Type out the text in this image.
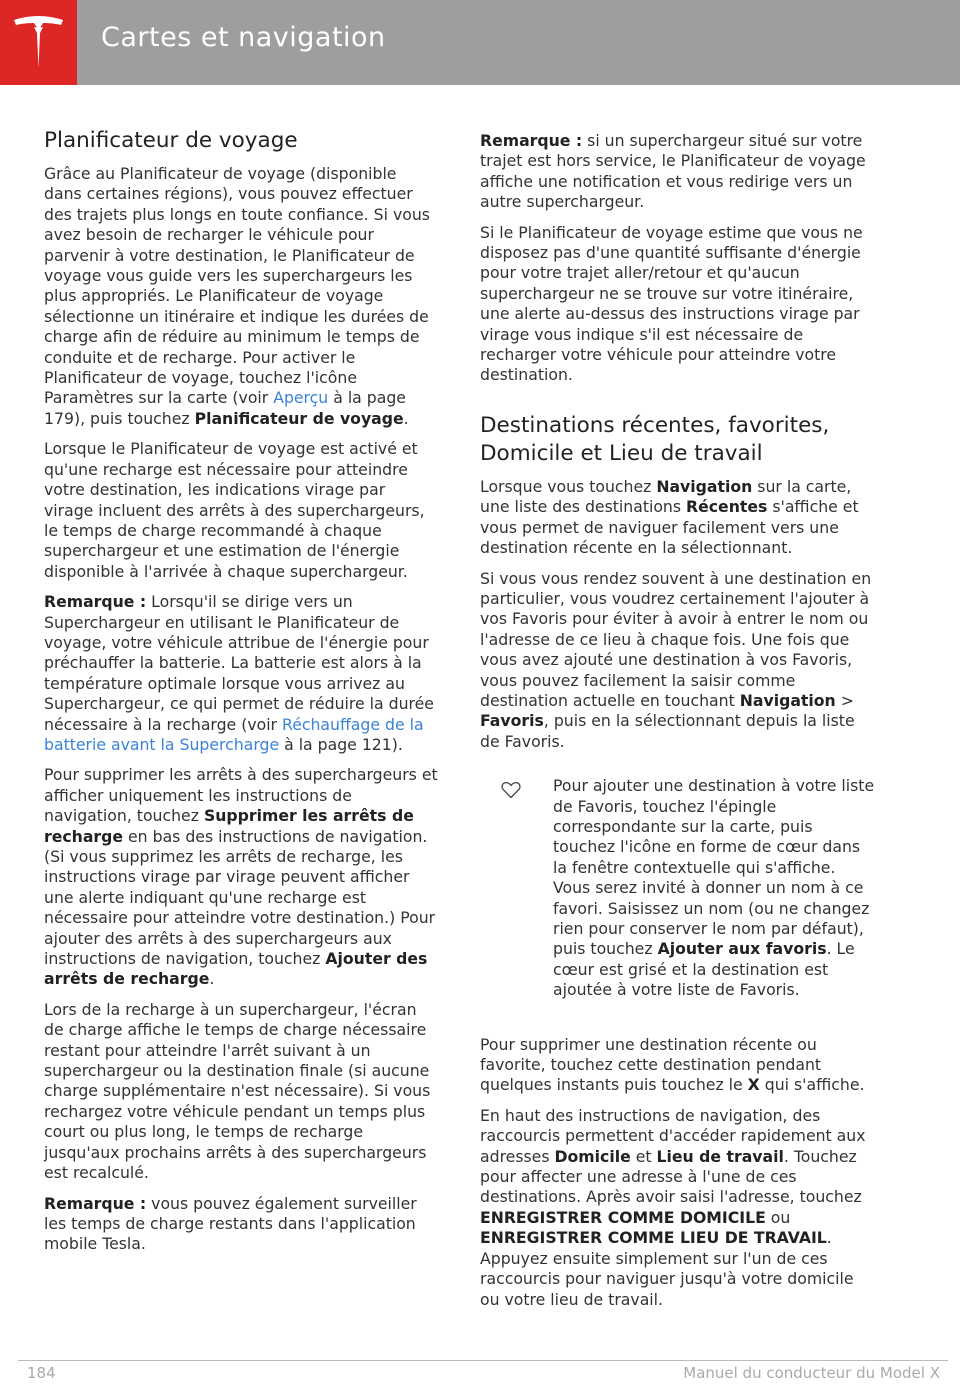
Cartes et navigation
Planificateur de voyage

Grâce au Planificateur de voyage (disponible dans certaines régions), vous pouvez effectuer des trajets plus longs en toute confiance. Si vous avez besoin de recharger le véhicule pour parvenir à votre destination, le Planificateur de voyage vous guide vers les superchargeurs les plus appropriés. Le Planificateur de voyage sélectionne un itinéraire et indique les durées de charge afin de réduire au minimum le temps de conduite et de recharge. Pour activer le Planificateur de voyage, touchez l'icône Paramètres sur la carte (voir Aperçu à la page 179), puis touchez Planificateur de voyage.

Lorsque le Planificateur de voyage est activé et qu'une recharge est nécessaire pour atteindre votre destination, les indications virage par virage incluent des arrêts à des superchargeurs, le temps de charge recommandé à chaque superchargeur et une estimation de l'énergie disponible à l'arrivée à chaque superchargeur.

Remarque : Lorsqu'il se dirige vers un Superchargeur en utilisant le Planificateur de voyage, votre véhicule attribue de l'énergie pour préchauffer la batterie. La batterie est alors à la température optimale lorsque vous arrivez au Superchargeur, ce qui permet de réduire la durée nécessaire à la recharge (voir Réchauffage de la batterie avant la Supercharge à la page 121).

Pour supprimer les arrêts à des superchargeurs et afficher uniquement les instructions de navigation, touchez Supprimer les arrêts de recharge en bas des instructions de navigation. (Si vous supprimez les arrêts de recharge, les instructions virage par virage peuvent afficher une alerte indiquant qu'une recharge est nécessaire pour atteindre votre destination.) Pour ajouter des arrêts à des superchargeurs aux instructions de navigation, touchez Ajouter des arrêts de recharge.

Lors de la recharge à un superchargeur, l'écran de charge affiche le temps de charge nécessaire restant pour atteindre l'arrêt suivant à un superchargeur ou la destination finale (si aucune charge supplémentaire n'est nécessaire). Si vous rechargez votre véhicule pendant un temps plus court ou plus long, le temps de recharge jusqu'aux prochains arrêts à des superchargeurs est recalculé.

Remarque : vous pouvez également surveiller les temps de charge restants dans l'application mobile Tesla.

Remarque : si un superchargeur situé sur votre trajet est hors service, le Planificateur de voyage affiche une notification et vous redirige vers un autre superchargeur.

Si le Planificateur de voyage estime que vous ne disposez pas d'une quantité suffisante d'énergie pour votre trajet aller/retour et qu'aucun superchargeur ne se trouve sur votre itinéraire, une alerte au-dessus des instructions virage par virage vous indique s'il est nécessaire de recharger votre véhicule pour atteindre votre destination.

Destinations récentes, favorites, Domicile et Lieu de travail

Lorsque vous touchez Navigation sur la carte, une liste des destinations Récentes s'affiche et vous permet de naviguer facilement vers une destination récente en la sélectionnant.

Si vous vous rendez souvent à une destination en particulier, vous voudrez certainement l'ajouter à vos Favoris pour éviter à avoir à entrer le nom ou l'adresse de ce lieu à chaque fois. Une fois que vous avez ajouté une destination à vos Favoris, vous pouvez facilement la saisir comme destination actuelle en touchant Navigation > Favoris, puis en la sélectionnant depuis la liste de Favoris.

Pour ajouter une destination à votre liste de Favoris, touchez l'épingle correspondante sur la carte, puis touchez l'icône en forme de cœur dans la fenêtre contextuelle qui s'affiche. Vous serez invité à donner un nom à ce favori. Saisissez un nom (ou ne changez rien pour conserver le nom par défaut), puis touchez Ajouter aux favoris. Le cœur est grisé et la destination est ajoutée à votre liste de Favoris.

Pour supprimer une destination récente ou favorite, touchez cette destination pendant quelques instants puis touchez le X qui s'affiche.

En haut des instructions de navigation, des raccourcis permettent d'accéder rapidement aux adresses Domicile et Lieu de travail. Touchez pour affecter une adresse à l'une de ces destinations. Après avoir saisi l'adresse, touchez ENREGISTRER COMME DOMICILE ou ENREGISTRER COMME LIEU DE TRAVAIL. Appuyez ensuite simplement sur l'un de ces raccourcis pour naviguer jusqu'à votre domicile ou votre lieu de travail.

184	Manuel du conducteur du Model X
